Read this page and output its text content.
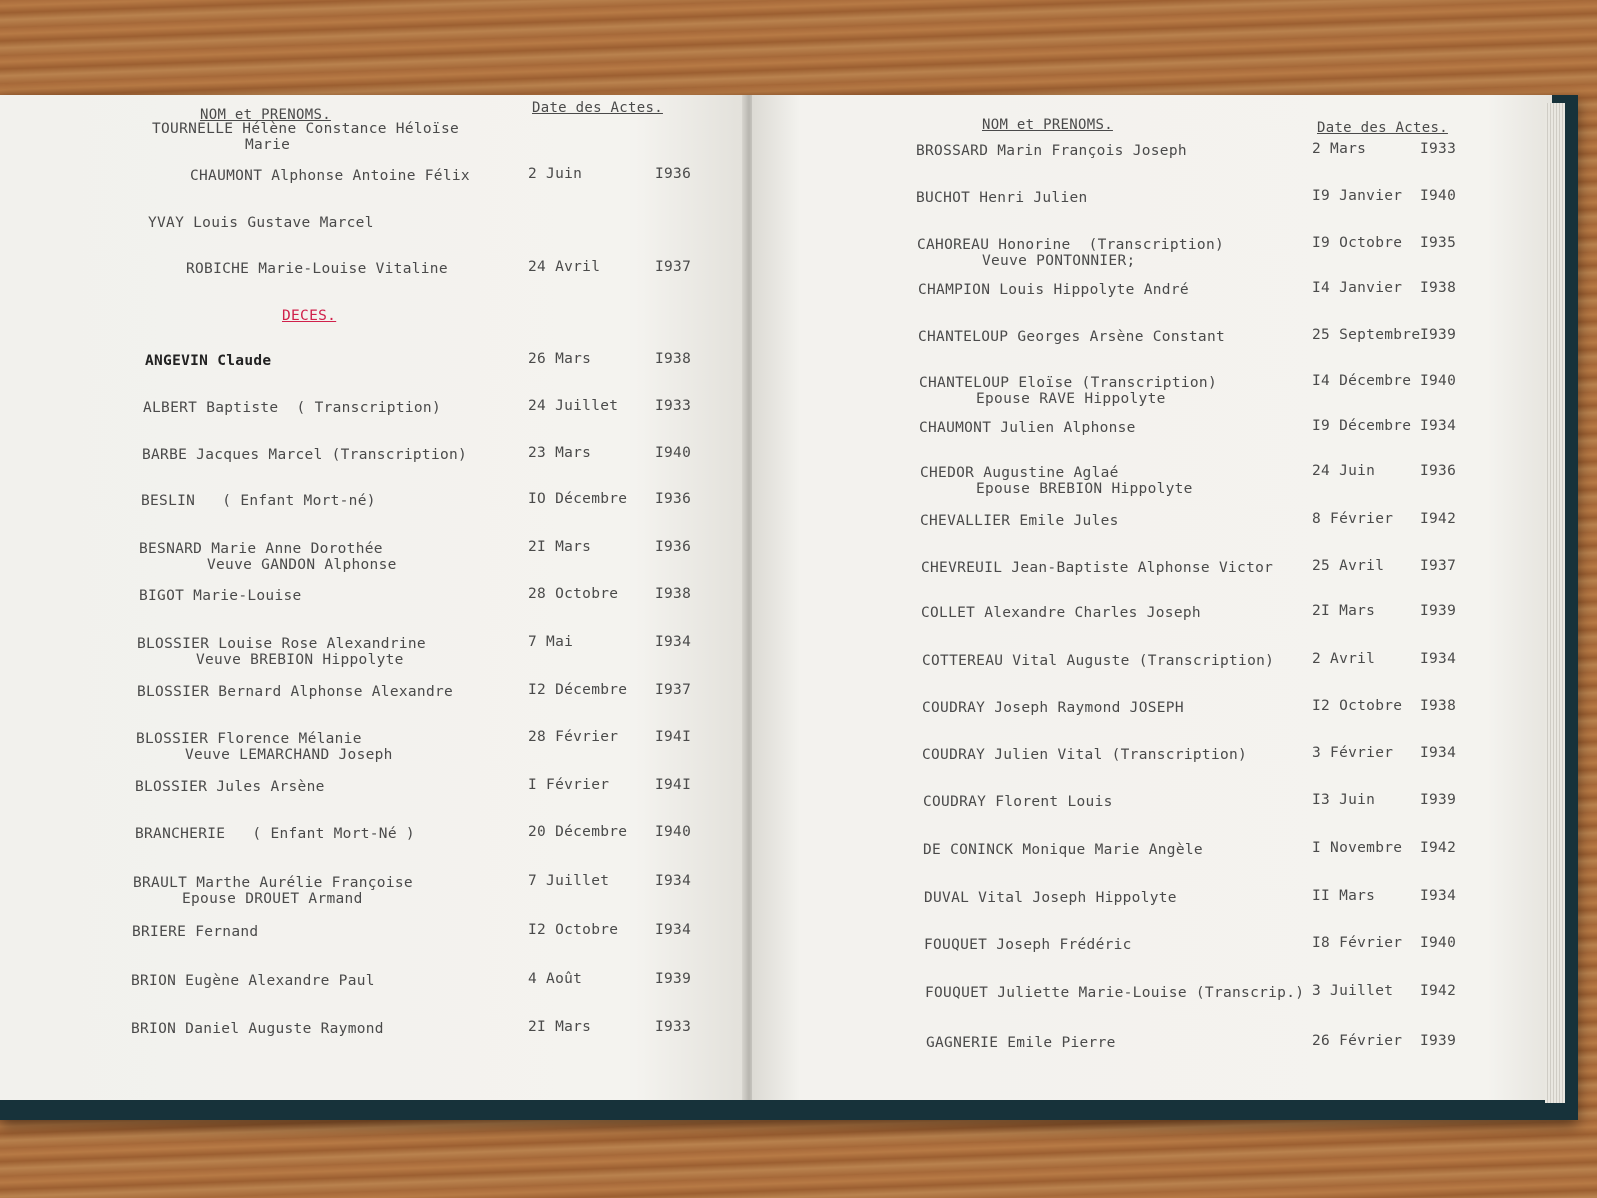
NOM et PRENOMS.	Date des Actes.
DECES.
TOURNELLE Hélène Constance Héloïse
Marie
CHAUMONT Alphonse Antoine Félix	2 Juin	I936
YVAY Louis Gustave Marcel
ROBICHE Marie-Louise Vitaline	24 Avril	I937
ANGEVIN Claude	26 Mars	I938
ALBERT Baptiste  ( Transcription)	24 Juillet	I933
BARBE Jacques Marcel (Transcription)	23 Mars	I940
BESLIN   ( Enfant Mort-né)	IO Décembre I936
BESNARD Marie Anne Dorothée
Veuve GANDON Alphonse
2I Mars	I936
BIGOT Marie-Louise	28 Octobre	I938
BLOSSIER Louise Rose Alexandrine
Veuve BREBION Hippolyte
7 Mai	I934
BLOSSIER Bernard Alphonse Alexandre	I2 Décembre I937
BLOSSIER Florence Mélanie
Veuve LEMARCHAND Joseph
28 Février	I94I
BLOSSIER Jules Arsène	I Février	I94I
BRANCHERIE   ( Enfant Mort-Né )	20 Décembre I940
BRAULT Marthe Aurélie Françoise
Epouse DROUET Armand
7 Juillet	I934
BRIERE Fernand	I2 Octobre	I934
BRION Eugène Alexandre Paul	4 Août	I939
BRION Daniel Auguste Raymond	2I Mars	I933
NOM et PRENOMS.	Date des Actes.
BROSSARD Marin François Joseph	2 Mars	I933
BUCHOT Henri Julien	I9 Janvier I940
CAHOREAU Honorine  (Transcription)
Veuve PONTONNIER;
I9 Octobre I935
CHAMPION Louis Hippolyte André	I4 Janvier I938
CHANTELOUP Georges Arsène Constant	25 Septembre I939
CHANTELOUP Eloïse (Transcription)
Epouse RAVE Hippolyte
I4 Décembre I940
CHAUMONT Julien Alphonse	I9 Décembre I934
CHEDOR Augustine Aglaé
Epouse BREBION Hippolyte
24 Juin	I936
CHEVALLIER Emile Jules	8 Février I942
CHEVREUIL Jean-Baptiste Alphonse Victor	25 Avril I937
COLLET Alexandre Charles Joseph	2I Mars	I939
COTTEREAU Vital Auguste (Transcription)	2 Avril	I934
COUDRAY Joseph Raymond JOSEPH	I2 Octobre I938
COUDRAY Julien Vital (Transcription)	3 Février I934
COUDRAY Florent Louis	I3 Juin	I939
DE CONINCK Monique Marie Angèle	I Novembre I942
DUVAL Vital Joseph Hippolyte	II Mars	I934
FOUQUET Joseph Frédéric	I8 Février I940
FOUQUET Juliette Marie-Louise (Transcrip.) 3 Juillet I942
GAGNERIE Emile Pierre	26 Février I939
